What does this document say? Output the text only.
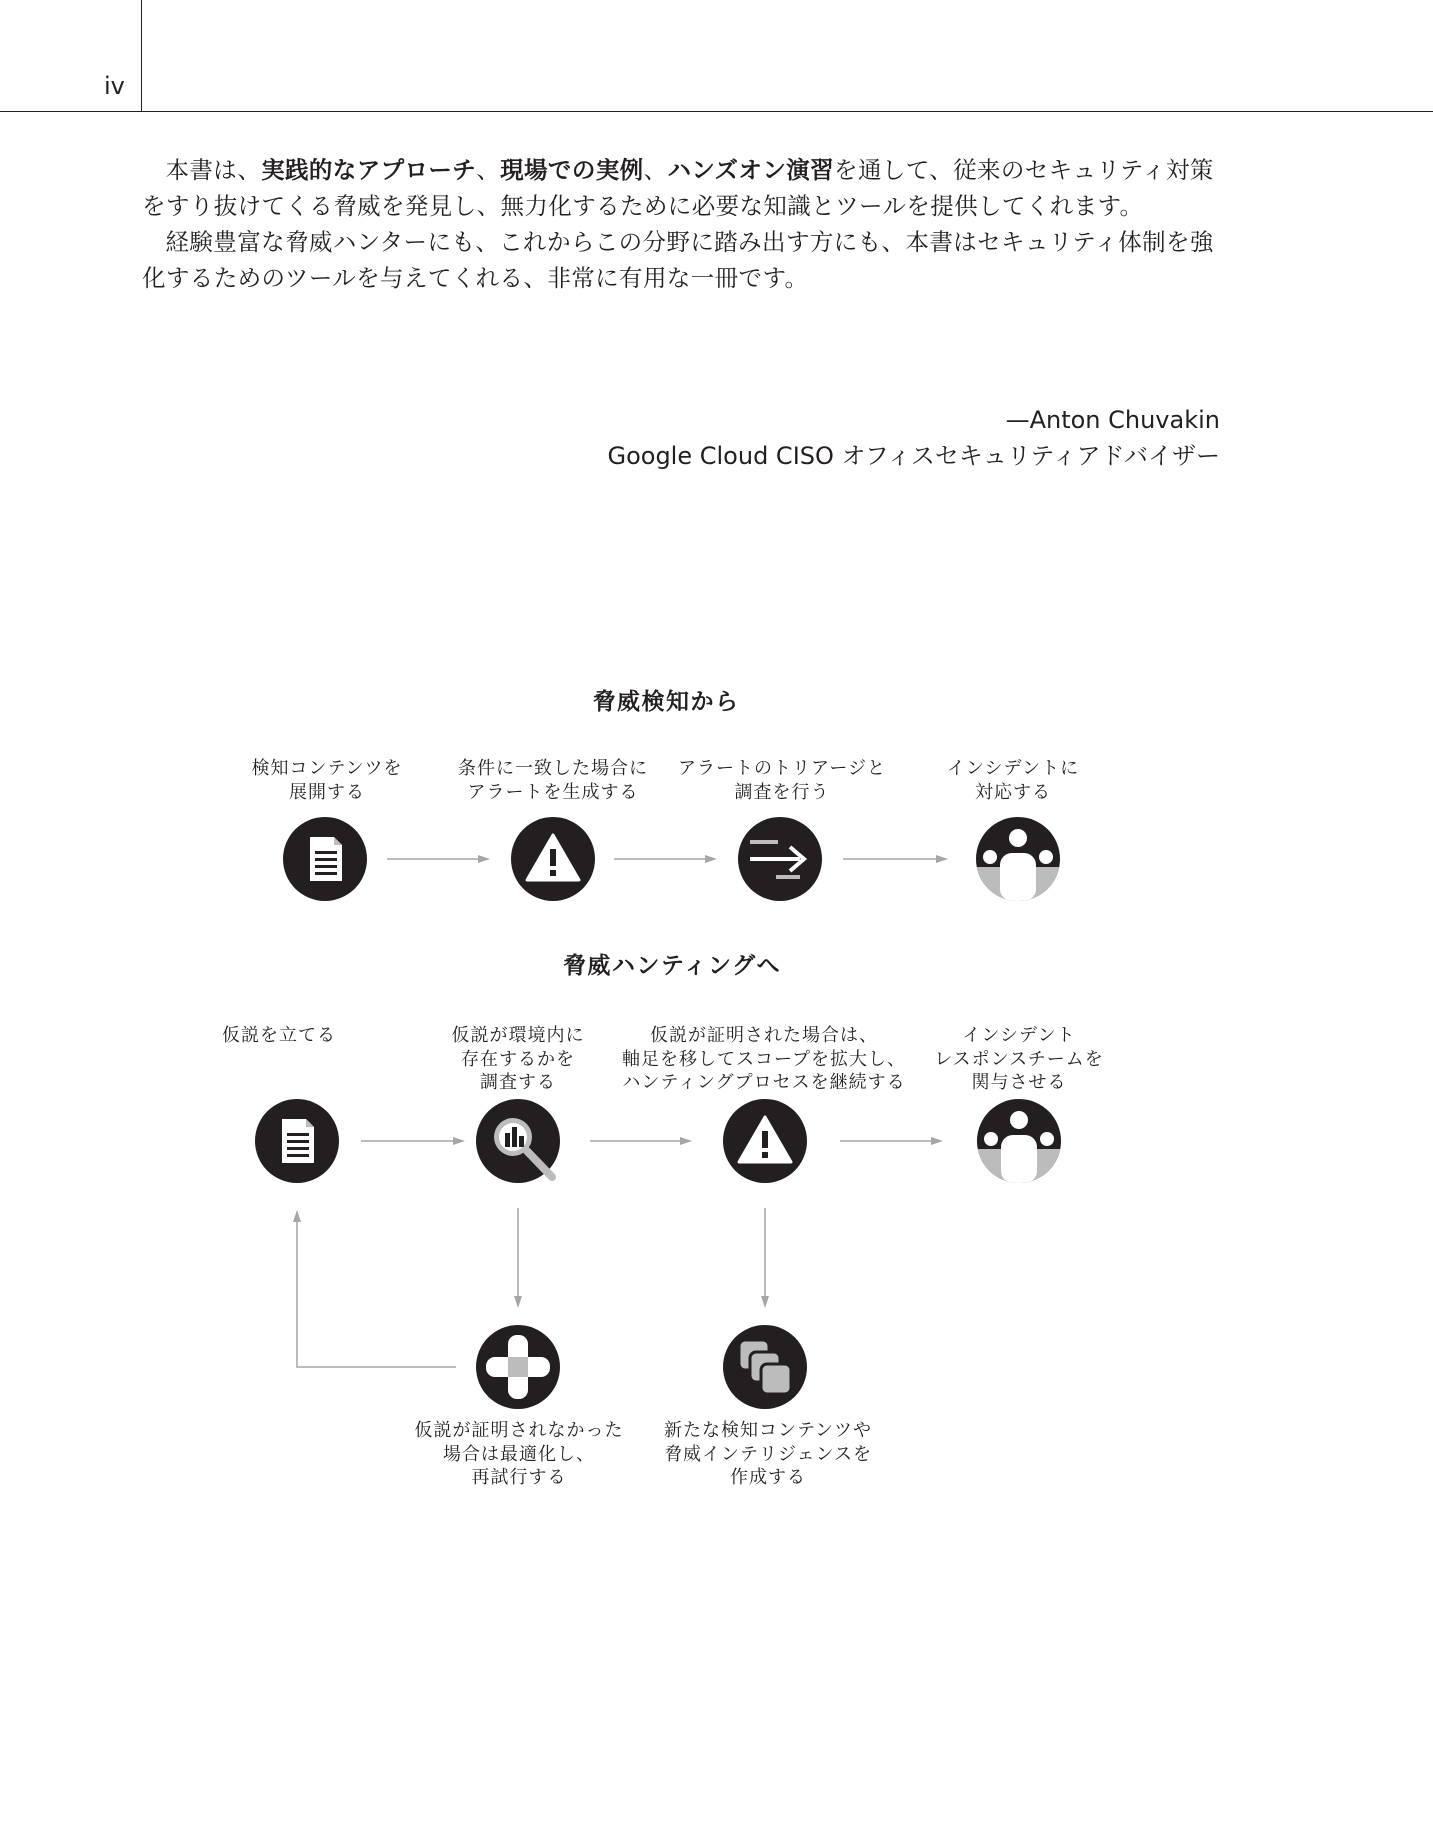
iv

本書は、実践的なアプローチ、現場での実例、ハンズオン演習を通して、従来のセキュリティ対策をすり抜けてくる脅威を発見し、無力化するために必要な知識とツールを提供してくれます。

経験豊富な脅威ハンターにも、これからこの分野に踏み出す方にも、本書はセキュリティ体制を強化するためのツールを与えてくれる、非常に有用な一冊です。

—Anton Chuvakin
Google Cloud CISO オフィスセキュリティアドバイザー
脅威検知から
検知コンテンツを
展開する
条件に一致した場合に
アラートを生成する
アラートのトリアージと
調査を行う
インシデントに
対応する
脅威ハンティングへ
仮説を立てる	仮説が環境内に
存在するかを
調査する
仮説が証明された場合は、
軸足を移してスコープを拡大し、
ハンティングプロセスを継続する
インシデント
レスポンスチームを
関与させる
仮説が証明されなかった
場合は最適化し、
再試行する
新たな検知コンテンツや
脅威インテリジェンスを
作成する
